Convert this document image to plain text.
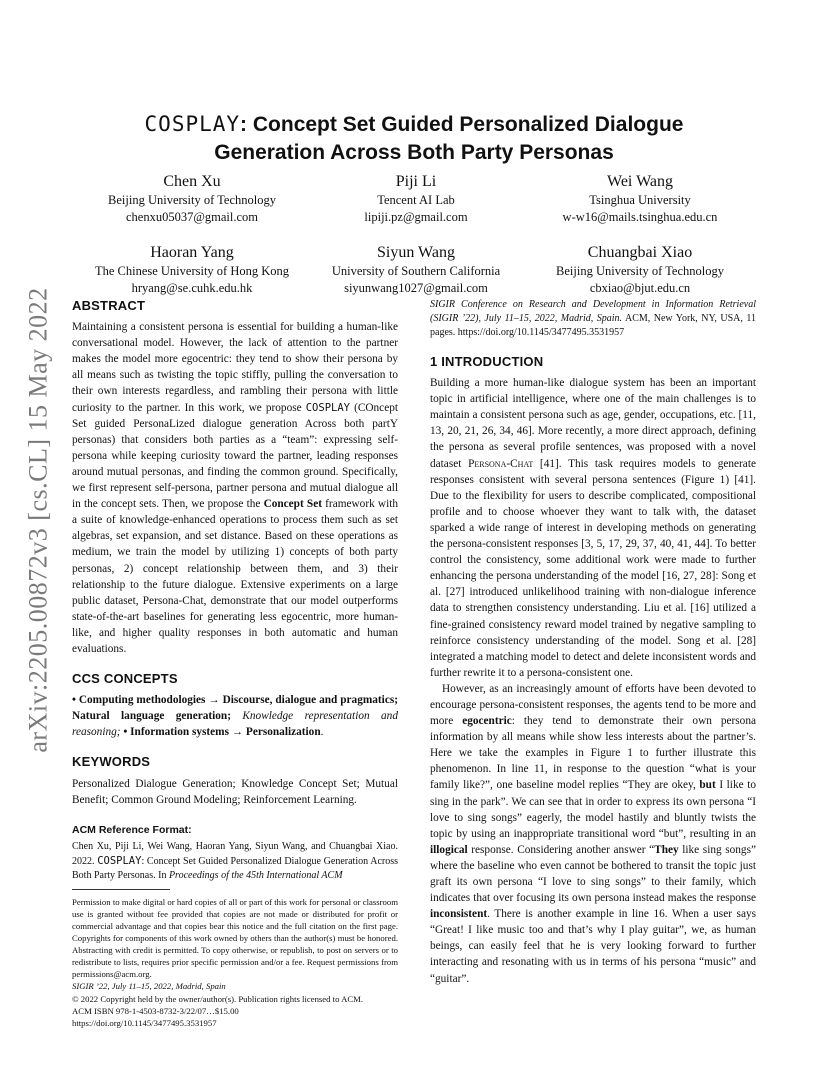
arXiv:2205.00872v3 [cs.CL] 15 May 2022
COSPLAY: Concept Set Guided Personalized Dialogue
Generation Across Both Party Personas
Chen Xu
Beijing University of Technology
chenxu05037@gmail.com
Piji Li
Tencent AI Lab
lipiji.pz@gmail.com
Wei Wang
Tsinghua University
w-w16@mails.tsinghua.edu.cn
Haoran Yang
The Chinese University of Hong Kong
hryang@se.cuhk.edu.hk
Siyun Wang
University of Southern California
siyunwang1027@gmail.com
Chuangbai Xiao
Beijing University of Technology
cbxiao@bjut.edu.cn
ABSTRACT

Maintaining a consistent persona is essential for building a human-like conversational model. However, the lack of attention to the partner makes the model more egocentric: they tend to show their persona by all means such as twisting the topic stiffly, pulling the conversation to their own interests regardless, and rambling their persona with little curiosity to the partner. In this work, we propose COSPLAY (COncept Set guided PersonaLized dialogue generation Across both partY personas) that considers both parties as a “team”: expressing self-persona while keeping curiosity toward the partner, leading responses around mutual personas, and finding the common ground. Specifically, we first represent self-persona, partner persona and mutual dialogue all in the concept sets. Then, we propose the Concept Set framework with a suite of knowledge-enhanced operations to process them such as set algebras, set expansion, and set distance. Based on these operations as medium, we train the model by utilizing 1) concepts of both party personas, 2) concept relationship between them, and 3) their relationship to the future dialogue. Extensive experiments on a large public dataset, Persona-Chat, demonstrate that our model outperforms state-of-the-art baselines for generating less egocentric, more human-like, and higher quality responses in both automatic and human evaluations.

CCS CONCEPTS

• Computing methodologies → Discourse, dialogue and pragmatics; Natural language generation; Knowledge representation and reasoning; • Information systems → Personalization.

KEYWORDS

Personalized Dialogue Generation; Knowledge Concept Set; Mutual Benefit; Common Ground Modeling; Reinforcement Learning.

ACM Reference Format:

Chen Xu, Piji Li, Wei Wang, Haoran Yang, Siyun Wang, and Chuangbai Xiao. 2022. COSPLAY: Concept Set Guided Personalized Dialogue Generation Across Both Party Personas. In Proceedings of the 45th International ACM

Permission to make digital or hard copies of all or part of this work for personal or classroom use is granted without fee provided that copies are not made or distributed for profit or commercial advantage and that copies bear this notice and the full citation on the first page. Copyrights for components of this work owned by others than the author(s) must be honored. Abstracting with credit is permitted. To copy otherwise, or republish, to post on servers or to redistribute to lists, requires prior specific permission and/or a fee. Request permissions from permissions@acm.org.

SIGIR ’22, July 11–15, 2022, Madrid, Spain
© 2022 Copyright held by the owner/author(s). Publication rights licensed to ACM.
ACM ISBN 978-1-4503-8732-3/22/07…$15.00
https://doi.org/10.1145/3477495.3531957

SIGIR Conference on Research and Development in Information Retrieval (SIGIR ’22), July 11–15, 2022, Madrid, Spain. ACM, New York, NY, USA, 11 pages. https://doi.org/10.1145/3477495.3531957

1 INTRODUCTION

Building a more human-like dialogue system has been an important topic in artificial intelligence, where one of the main challenges is to maintain a consistent persona such as age, gender, occupations, etc. [11, 13, 20, 21, 26, 34, 46]. More recently, a more direct approach, defining the persona as several profile sentences, was proposed with a novel dataset Persona-Chat [41]. This task requires models to generate responses consistent with several persona sentences (Figure 1) [41]. Due to the flexibility for users to describe complicated, compositional profile and to choose whoever they want to talk with, the dataset sparked a wide range of interest in developing methods on generating the persona-consistent responses [3, 5, 17, 29, 37, 40, 41, 44]. To better control the consistency, some additional work were made to further enhancing the persona understanding of the model [16, 27, 28]: Song et al. [27] introduced unlikelihood training with non-dialogue inference data to strengthen consistency understanding. Liu et al. [16] utilized a fine-grained consistency reward model trained by negative sampling to reinforce consistency understanding of the model. Song et al. [28] integrated a matching model to detect and delete inconsistent words and further rewrite it to a persona-consistent one.

However, as an increasingly amount of efforts have been devoted to encourage persona-consistent responses, the agents tend to be more and more egocentric: they tend to demonstrate their own persona information by all means while show less interests about the partner’s. Here we take the examples in Figure 1 to further illustrate this phenomenon. In line 11, in response to the question “what is your family like?”, one baseline model replies “They are okey, but I like to sing in the park”. We can see that in order to express its own persona “I love to sing songs” eagerly, the model hastily and bluntly twists the topic by using an inappropriate transitional word “but”, resulting in an illogical response. Considering another answer “They like sing songs” where the baseline who even cannot be bothered to transit the topic just graft its own persona “I love to sing songs” to their family, which indicates that over focusing its own persona instead makes the response inconsistent. There is another example in line 16. When a user says “Great! I like music too and that’s why I play guitar”, we, as human beings, can easily feel that he is very looking forward to further interacting and resonating with us in terms of his persona “music” and “guitar”.
